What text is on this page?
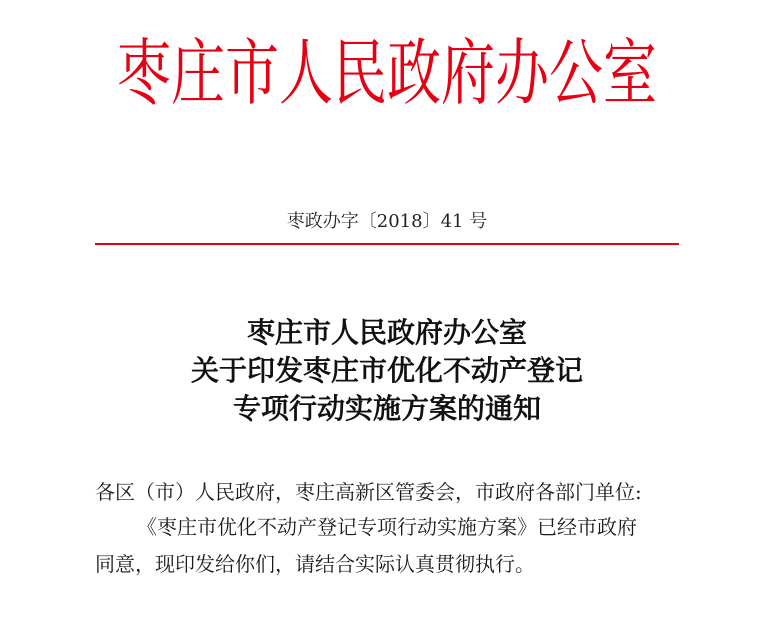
枣庄市人民政府办公室
枣政办字〔2018〕41 号
枣庄市人民政府办公室
关于印发枣庄市优化不动产登记
专项行动实施方案的通知
各区（市）人民政府，枣庄高新区管委会，市政府各部门单位:
《枣庄市优化不动产登记专项行动实施方案》已经市政府
同意，现印发给你们，请结合实际认真贯彻执行。
